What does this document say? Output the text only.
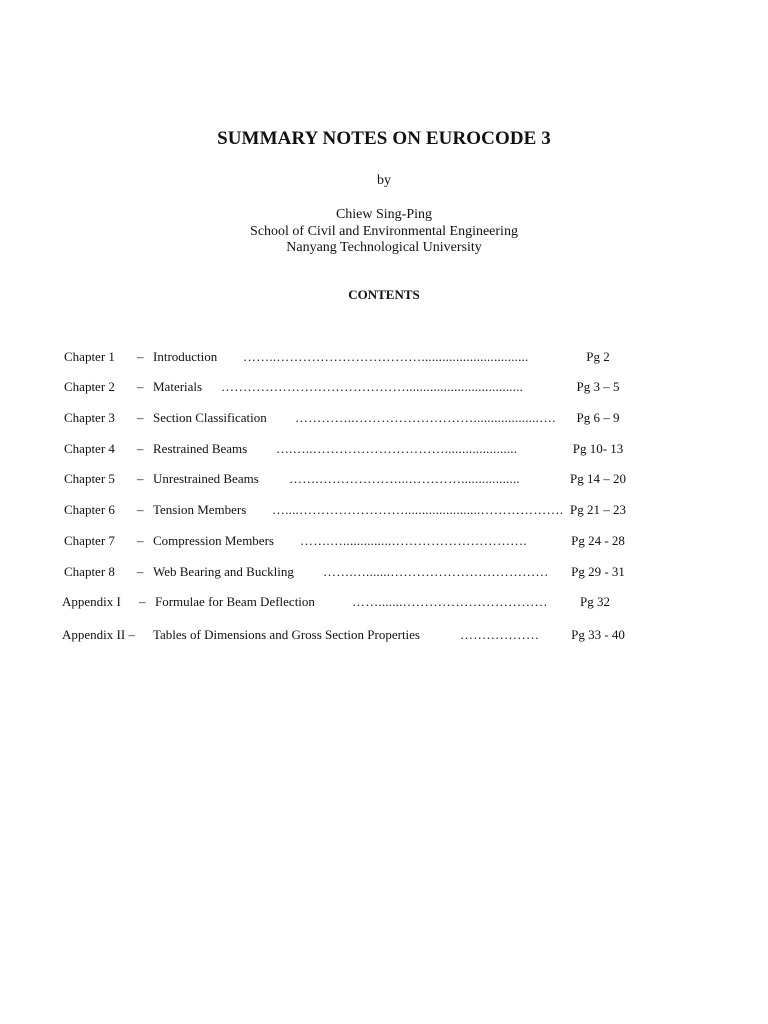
SUMMARY NOTES ON EUROCODE 3
by
Chiew Sing-Ping
School of Civil and Environmental Engineering
Nanyang Technological University
CONTENTS
Chapter 1 – Introduction ……..……………………………...............................	Pg 2
Chapter 2 – Materials ……………………………………..................................	Pg 3 – 5
Chapter 3 – Section Classification …………..………………………...................….	Pg 6 – 9
Chapter 4 – Restrained Beams ….…..………………………….....................	Pg 10- 13
Chapter 5 – Unrestrained Beams …….………………...………….................	Pg 14 – 20
Chapter 6 – Tension Members …....……………………......................………………. Pg 21 – 23
Chapter 7 – Compression Members …….…..............………………………….	Pg 24 - 28
Chapter 8 – Web Bearing and Buckling …….….......………………………………	Pg 29 - 31
Appendix I – Formulae for Beam Deflection	…….......……………………………	Pg 32
Appendix II – Tables of Dimensions and Gross Section Properties	………………	Pg 33 - 40
